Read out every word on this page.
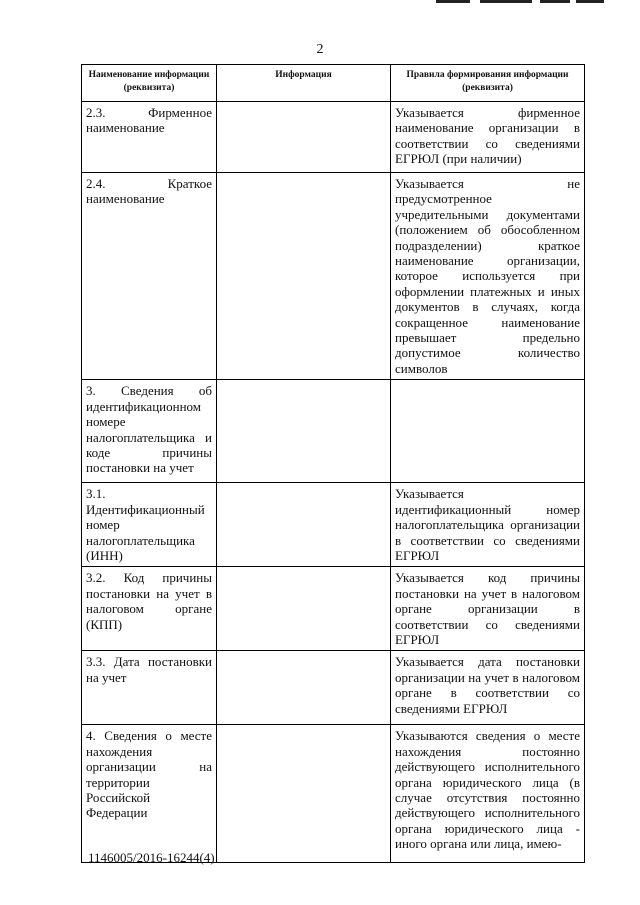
2
Наименование информации (реквизита)	Информация	Правила формирования информации (реквизита)
2.3. Фирменное наименование		Указывается фирменное наименование организации в соответствии со сведениями ЕГРЮЛ (при наличии)
2.4. Краткое наименование		Указывается не предусмотренное учредительными документами (положением об обособленном подразделении) краткое наименование организации, которое используется при оформлении платежных и иных документов в случаях, когда сокращенное наименование превышает предельно допустимое количество символов
3. Сведения об идентификационном номере налогоплательщика и коде причины постановки на учет		
3.1. Идентификационный номер налогоплательщика (ИНН)		Указывается идентификационный номер налогоплательщика организации в соответствии со сведениями ЕГРЮЛ
3.2. Код причины постановки на учет в налоговом органе (КПП)		Указывается код причины постановки на учет в налоговом органе организации в соответствии со сведениями ЕГРЮЛ
3.3. Дата постановки на учет		Указывается дата постановки организации на учет в налоговом органе в соответствии со сведениями ЕГРЮЛ
4. Сведения о месте нахождения организации на территории Российской Федерации		Указываются сведения о месте нахождения постоянно действующего исполнительного органа юридического лица (в случае отсутствия постоянно действующего исполнительного органа юридического лица - иного органа или лица, имею-
1146005/2016-16244(4)
